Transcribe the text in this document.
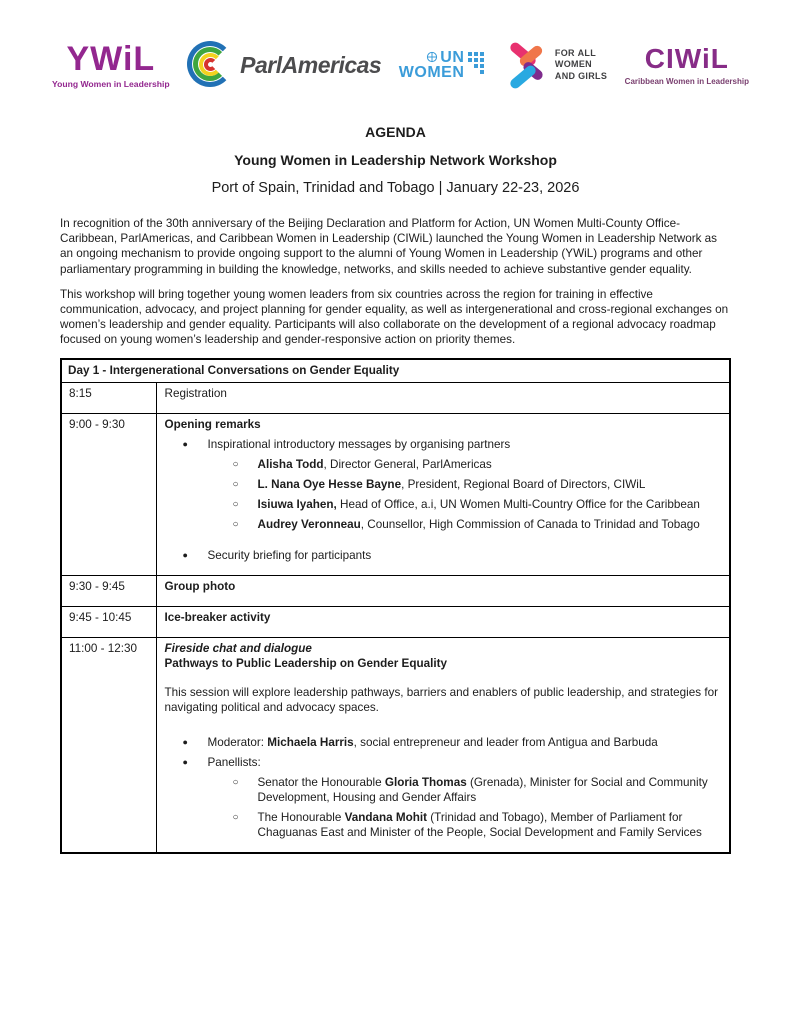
YWiL
Young Women in Leadership
ParlAmericas	UN
WOMEN
FOR ALL
WOMEN
AND GIRLS
CIWiL
Caribbean Women in Leadership
AGENDA
Young Women in Leadership Network Workshop
Port of Spain, Trinidad and Tobago | January 22-23, 2026

In recognition of the 30th anniversary of the Beijing Declaration and Platform for Action, UN Women Multi-County Office-Caribbean, ParlAmericas, and Caribbean Women in Leadership (CIWiL) launched the Young Women in Leadership Network as an ongoing mechanism to provide ongoing support to the alumni of Young Women in Leadership (YWiL) programs and other parliamentary programming in building the knowledge, networks, and skills needed to achieve substantive gender equality.

This workshop will bring together young women leaders from six countries across the region for training in effective communication, advocacy, and project planning for gender equality, as well as intergenerational and cross-regional exchanges on women’s leadership and gender equality. Participants will also collaborate on the development of a regional advocacy roadmap focused on young women’s leadership and gender-responsive action on priority themes.

Day 1 - Intergenerational Conversations on Gender Equality	
8:15	Registration
9:00 - 9:30	Opening remarks
●	Inspirational introductory messages by organising partners
○	Alisha Todd, Director General, ParlAmericas
○	L. Nana Oye Hesse Bayne, President, Regional Board of Directors, CIWiL
○	Isiuwa Iyahen, Head of Office, a.i, UN Women Multi-Country Office for the Caribbean
○	Audrey Veronneau, Counsellor, High Commission of Canada to Trinidad and Tobago
●	Security briefing for participants

9:30 - 9:45	Group photo
9:45 - 10:45	Ice-breaker activity
11:00 - 12:30	Fireside chat and dialogue
Pathways to Public Leadership on Gender Equality
This session will explore leadership pathways, barriers and enablers of public leadership, and strategies for navigating political and advocacy spaces.
●	Moderator: Michaela Harris, social entrepreneur and leader from Antigua and Barbuda
●	Panellists:
○	Senator the Honourable Gloria Thomas (Grenada), Minister for Social and Community Development, Housing and Gender Affairs
○	The Honourable Vandana Mohit (Trinidad and Tobago), Member of Parliament for Chaguanas East and Minister of the People, Social Development and Family Services
